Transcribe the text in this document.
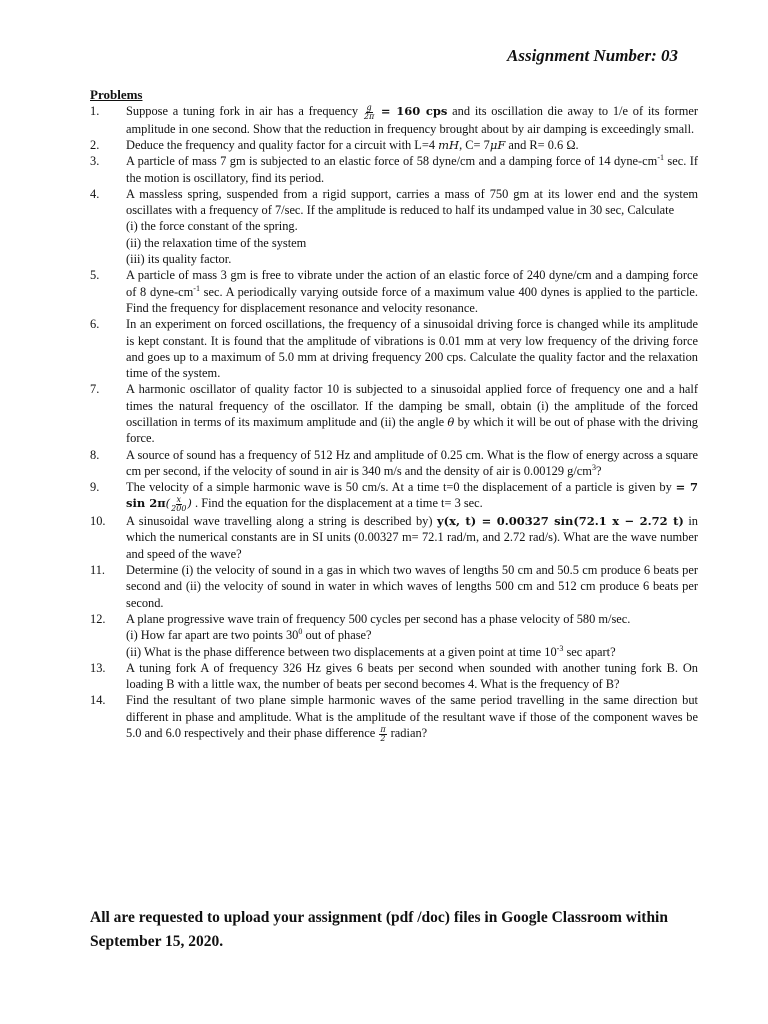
Assignment Number: 03
Problems
1.	Suppose a tuning fork in air has a frequency $\frac{g}{2\pi} = 160$ cps and its oscillation die away to 1/e of its former amplitude in one second. Show that the reduction in frequency brought about by air damping is exceedingly small.
2.	Deduce the frequency and quality factor for a circuit with L=4 mH, C= 7μF and R= 0.6 Ω.
3.	A particle of mass 7 gm is subjected to an elastic force of 58 dyne/cm and a damping force of 14 dyne-$cm^{-1}$ sec. If the motion is oscillatory, find its period.
4.	A massless spring, suspended from a rigid support, carries a mass of 750 gm at its lower end and the system oscillates with a frequency of 7/sec. If the amplitude is reduced to half its undamped value in 30 sec, Calculate
(i) the force constant of the spring.
(ii) the relaxation time of the system
(iii) its quality factor.
5.	A particle of mass 3 gm is free to vibrate under the action of an elastic force of 240 dyne/cm and a damping force of 8 dyne-$cm^{-1}$ sec. A periodically varying outside force of a maximum value 400 dynes is applied to the particle. Find the frequency for displacement resonance and velocity resonance.
6.	In an experiment on forced oscillations, the frequency of a sinusoidal driving force is changed while its amplitude is kept constant. It is found that the amplitude of vibrations is 0.01 mm at very low frequency of the driving force and goes up to a maximum of 5.0 mm at driving frequency 200 cps. Calculate the quality factor and the relaxation time of the system.
7.	A harmonic oscillator of quality factor 10 is subjected to a sinusoidal applied force of frequency one and a half times the natural frequency of the oscillator. If the damping be small, obtain (i) the amplitude of the forced oscillation in terms of its maximum amplitude and (ii) the angle θ by which it will be out of phase with the driving force.
8.	A source of sound has a frequency of 512 Hz and amplitude of 0.25 cm. What is the flow of energy across a square cm per second, if the velocity of sound in air is 340 m/s and the density of air is 0.00129 $g/cm^3$?
9.	The velocity of a simple harmonic wave is 50 cm/s. At a time t=0 the displacement of a particle is given by = 7 $\sin 2\pi( \frac{x}{200}$ ) . Find the equation for the displacement at a time t= 3 sec.
10.	A sinusoidal wave travelling along a string is described by) y(x, t) = 0.00327 sin(72.1 x − 2.72 t) in which the numerical constants are in SI units (0.00327 m= 72.1 rad/m, and 2.72 rad/s). What are the wave number and speed of the wave?
11.	Determine (i) the velocity of sound in a gas in which two waves of lengths 50 cm and 50.5 cm produce 6 beats per second and (ii) the velocity of sound in water in which waves of lengths 500 cm and 512 cm produce 6 beats per second.
12.	A plane progressive wave train of frequency 500 cycles per second has a phase velocity of 580 m/sec.
(i) How far apart are two points $30^0$ out of phase?
(ii) What is the phase difference between two displacements at a given point at time $10^{-3}$ sec apart?
13.	A tuning fork A of frequency 326 Hz gives 6 beats per second when sounded with another tuning fork B. On loading B with a little wax, the number of beats per second becomes 4. What is the frequency of B?
14.	Find the resultant of two plane simple harmonic waves of the same period travelling in the same direction but different in phase and amplitude. What is the amplitude of the resultant wave if those of the component waves be 5.0 and 6.0 respectively and their phase difference $\frac{\pi}{2}$ radian?
All are requested to upload your assignment (pdf /doc) files in Google Classroom within September 15, 2020.
